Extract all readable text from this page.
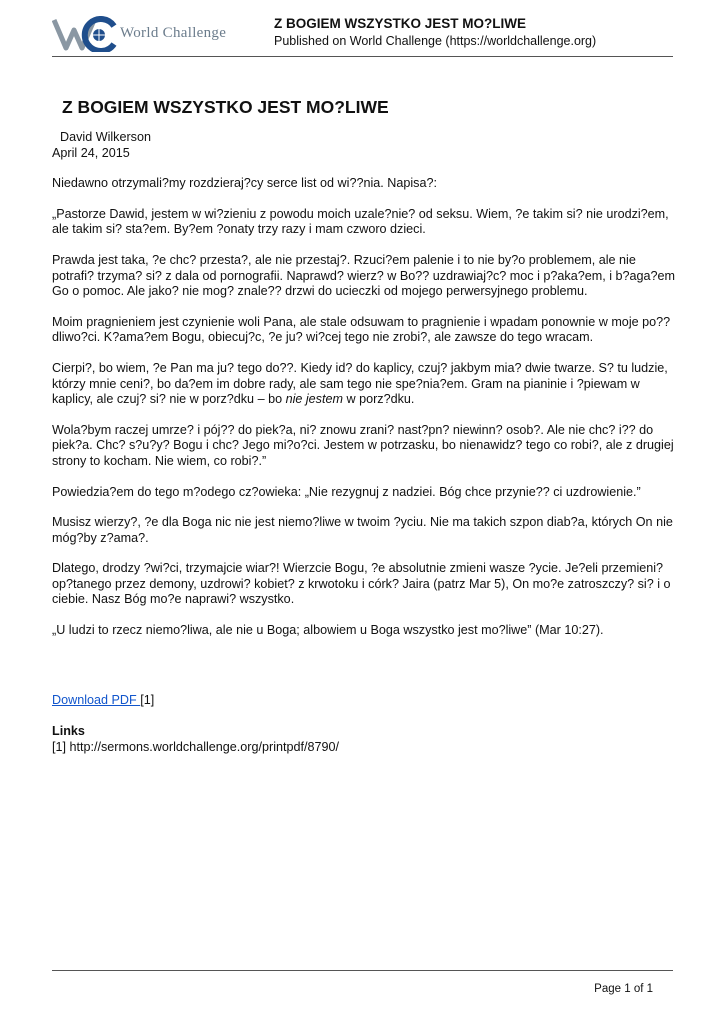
World Challenge
Z BOGIEM WSZYSTKO JEST MO?LIWE
Published on World Challenge (https://worldchallenge.org)
Z BOGIEM WSZYSTKO JEST MO?LIWE

David Wilkerson

April 24, 2015

Niedawno otrzymali?my rozdzieraj?cy serce list od wi??nia. Napisa?:

„Pastorze Dawid, jestem w wi?zieniu z powodu moich uzale?nie? od seksu. Wiem, ?e takim si? nie urodzi?em, ale takim si? sta?em. By?em ?onaty trzy razy i mam czworo dzieci.

Prawda jest taka, ?e chc? przesta?, ale nie przestaj?. Rzuci?em palenie i to nie by?o problemem, ale nie potrafi? trzyma? si? z dala od pornografii. Naprawd? wierz? w Bo?? uzdrawiaj?c? moc i p?aka?em, i b?aga?em Go o pomoc. Ale jako? nie mog? znale?? drzwi do ucieczki od mojego perwersyjnego problemu.

Moim pragnieniem jest czynienie woli Pana, ale stale odsuwam to pragnienie i wpadam ponownie w moje po??dliwo?ci. K?ama?em Bogu, obiecuj?c, ?e ju? wi?cej tego nie zrobi?, ale zawsze do tego wracam.

Cierpi?, bo wiem, ?e Pan ma ju? tego do??. Kiedy id? do kaplicy, czuj? jakbym mia? dwie twarze. S? tu ludzie, którzy mnie ceni?, bo da?em im dobre rady, ale sam tego nie spe?nia?em. Gram na pianinie i ?piewam w kaplicy, ale czuj? si? nie w porz?dku – bo nie jestem w porz?dku.

Wola?bym raczej umrze? i pój?? do piek?a, ni? znowu zrani? nast?pn? niewinn? osob?. Ale nie chc? i?? do piek?a. Chc? s?u?y? Bogu i chc? Jego mi?o?ci. Jestem w potrzasku, bo nienawidz? tego co robi?, ale z drugiej strony to kocham. Nie wiem, co robi?.”

Powiedzia?em do tego m?odego cz?owieka: „Nie rezygnuj z nadziei. Bóg chce przynie?? ci uzdrowienie.”

Musisz wierzy?, ?e dla Boga nic nie jest niemo?liwe w twoim ?yciu. Nie ma takich szpon diab?a, których On nie móg?by z?ama?.

Dlatego, drodzy ?wi?ci, trzymajcie wiar?! Wierzcie Bogu, ?e absolutnie zmieni wasze ?ycie. Je?eli przemieni? op?tanego przez demony, uzdrowi? kobiet? z krwotoku i córk? Jaira (patrz Mar 5), On mo?e zatroszczy? si? i o ciebie. Nasz Bóg mo?e naprawi? wszystko.

„U ludzi to rzecz niemo?liwa, ale nie u Boga; albowiem u Boga wszystko jest mo?liwe” (Mar 10:27).

Download PDF [1]
Links
[1] http://sermons.worldchallenge.org/printpdf/8790/
Page 1 of 1
